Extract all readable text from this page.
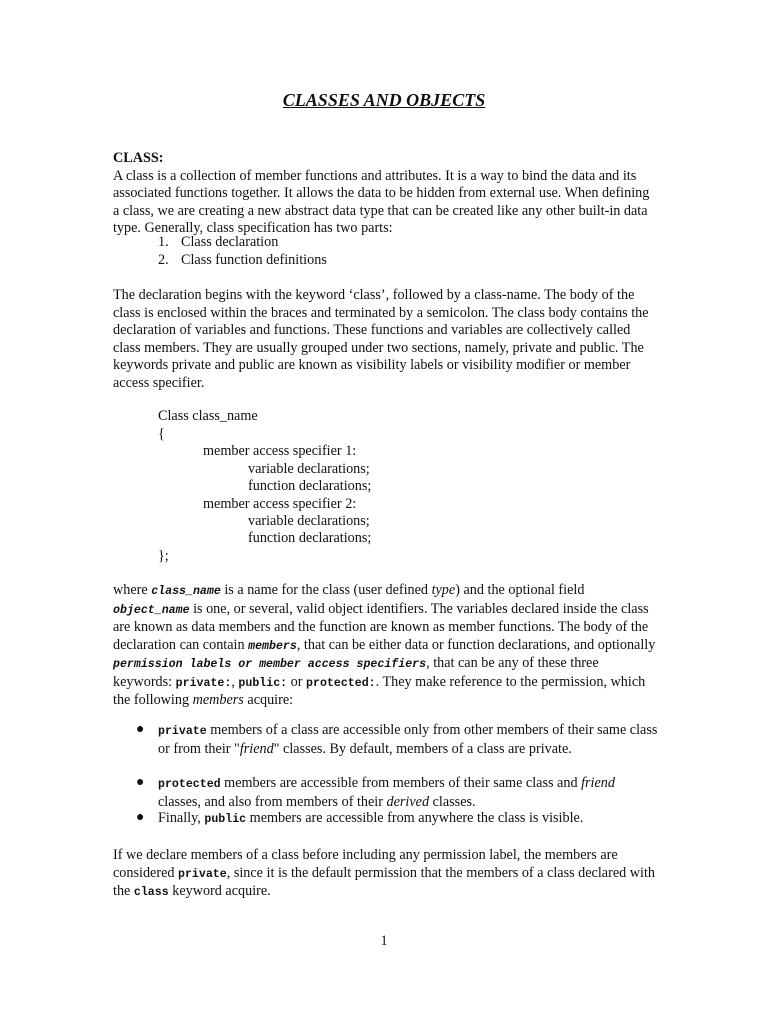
CLASSES AND OBJECTS
CLASS:
A class is a collection of member functions and attributes. It is a way to bind the data and its associated functions together. It allows the data to be hidden from external use. When defining a class, we are creating a new abstract data type that can be created like any other built-in data type. Generally, class specification has two parts:
1. Class declaration
2. Class function definitions
The declaration begins with the keyword ‘class’, followed by a class-name. The body of the class is enclosed within the braces and terminated by a semicolon. The class body contains the declaration of variables and functions. These functions and variables are collectively called class members. They are usually grouped under two sections, namely, private and public. The keywords private and public are known as visibility labels or visibility modifier or member access specifier.
Class class_name
{
member access specifier 1:
variable declarations;
function declarations;
member access specifier 2:
variable declarations;
function declarations;
};
where class_name is a name for the class (user defined type) and the optional field object_name is one, or several, valid object identifiers. The variables declared inside the class are known as data members and the function are known as member functions. The body of the declaration can contain members, that can be either data or function declarations, and optionally permission labels or member access specifiers, that can be any of these three keywords: private:, public: or protected:. They make reference to the permission, which the following members acquire:
● private members of a class are accessible only from other members of their same class or from their "friend" classes. By default, members of a class are private.
● protected members are accessible from members of their same class and friend classes, and also from members of their derived classes.
● Finally, public members are accessible from anywhere the class is visible.
If we declare members of a class before including any permission label, the members are considered private, since it is the default permission that the members of a class declared with the class keyword acquire.
1
